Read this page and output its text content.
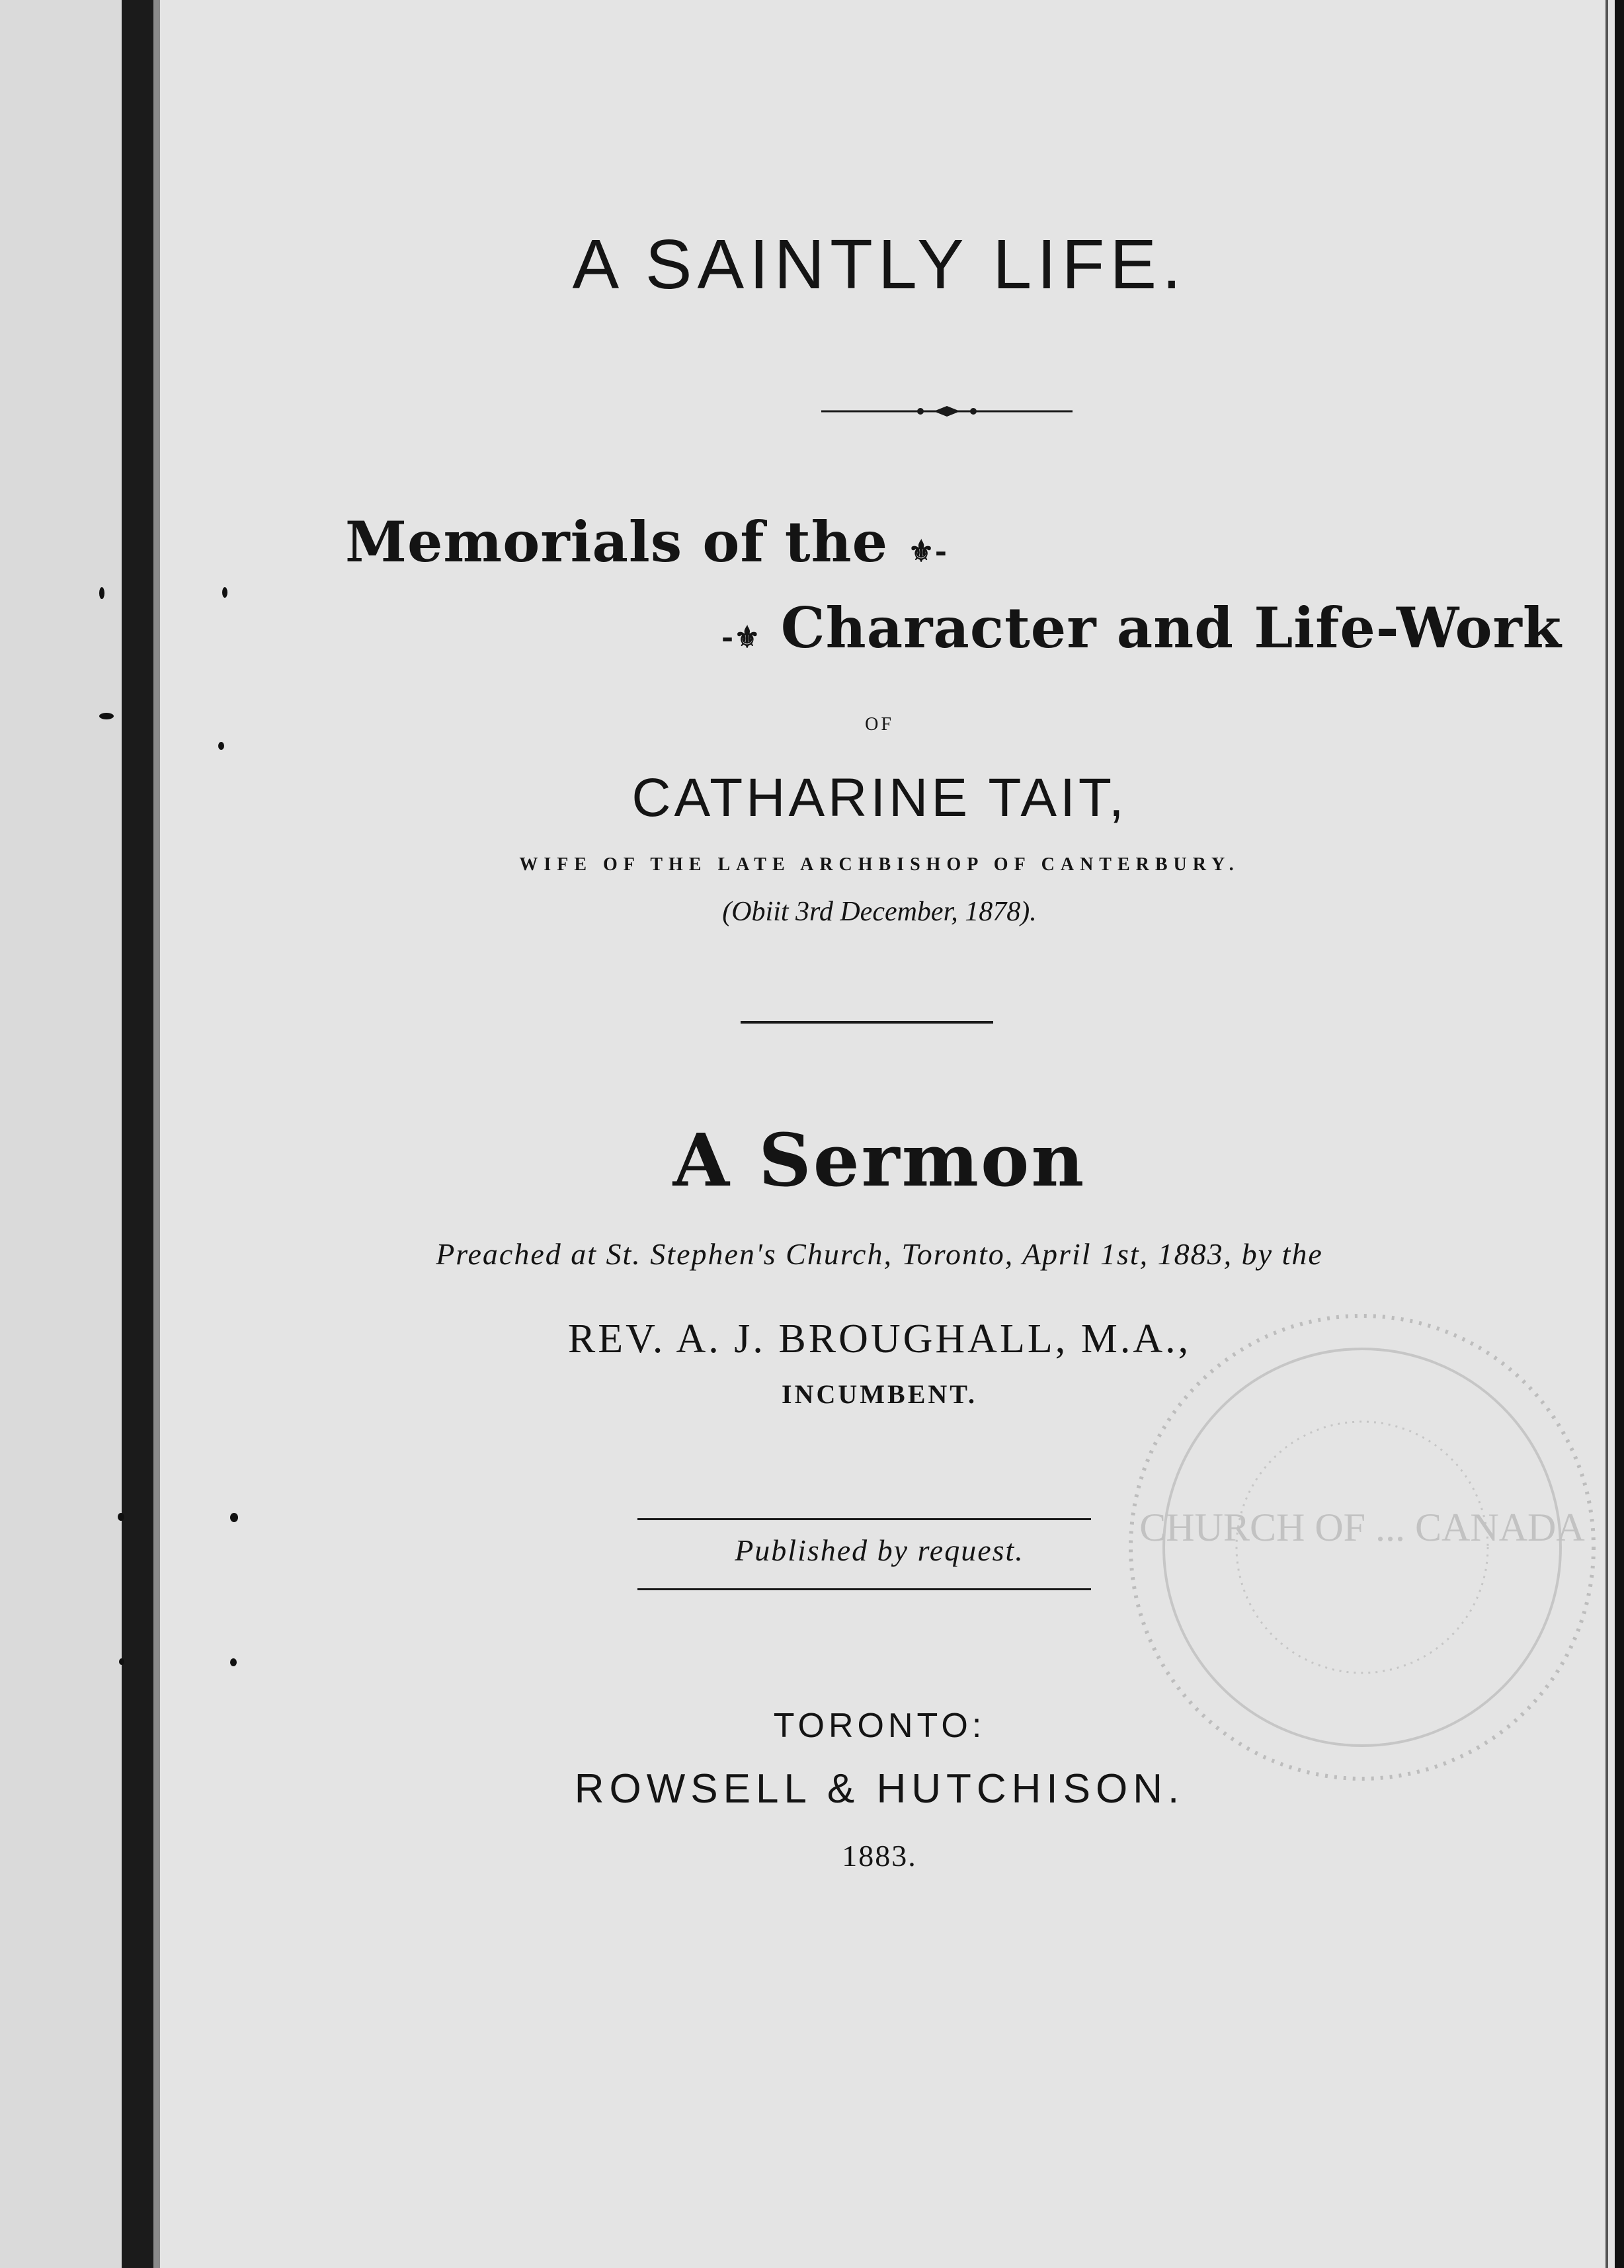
CHURCH OF ... CANADA
A SAINTLY LIFE.
Memorials of the ⚜-
-⚜ Character and Life-Work
OF
CATHARINE TAIT,
WIFE OF THE LATE ARCHBISHOP OF CANTERBURY.
(Obiit 3rd December, 1878).
A Sermon
Preached at St. Stephen's Church, Toronto, April 1st, 1883, by the
REV. A. J. BROUGHALL, M.A.,
INCUMBENT.
Published by request.
TORONTO:
ROWSELL & HUTCHISON.
1883.
